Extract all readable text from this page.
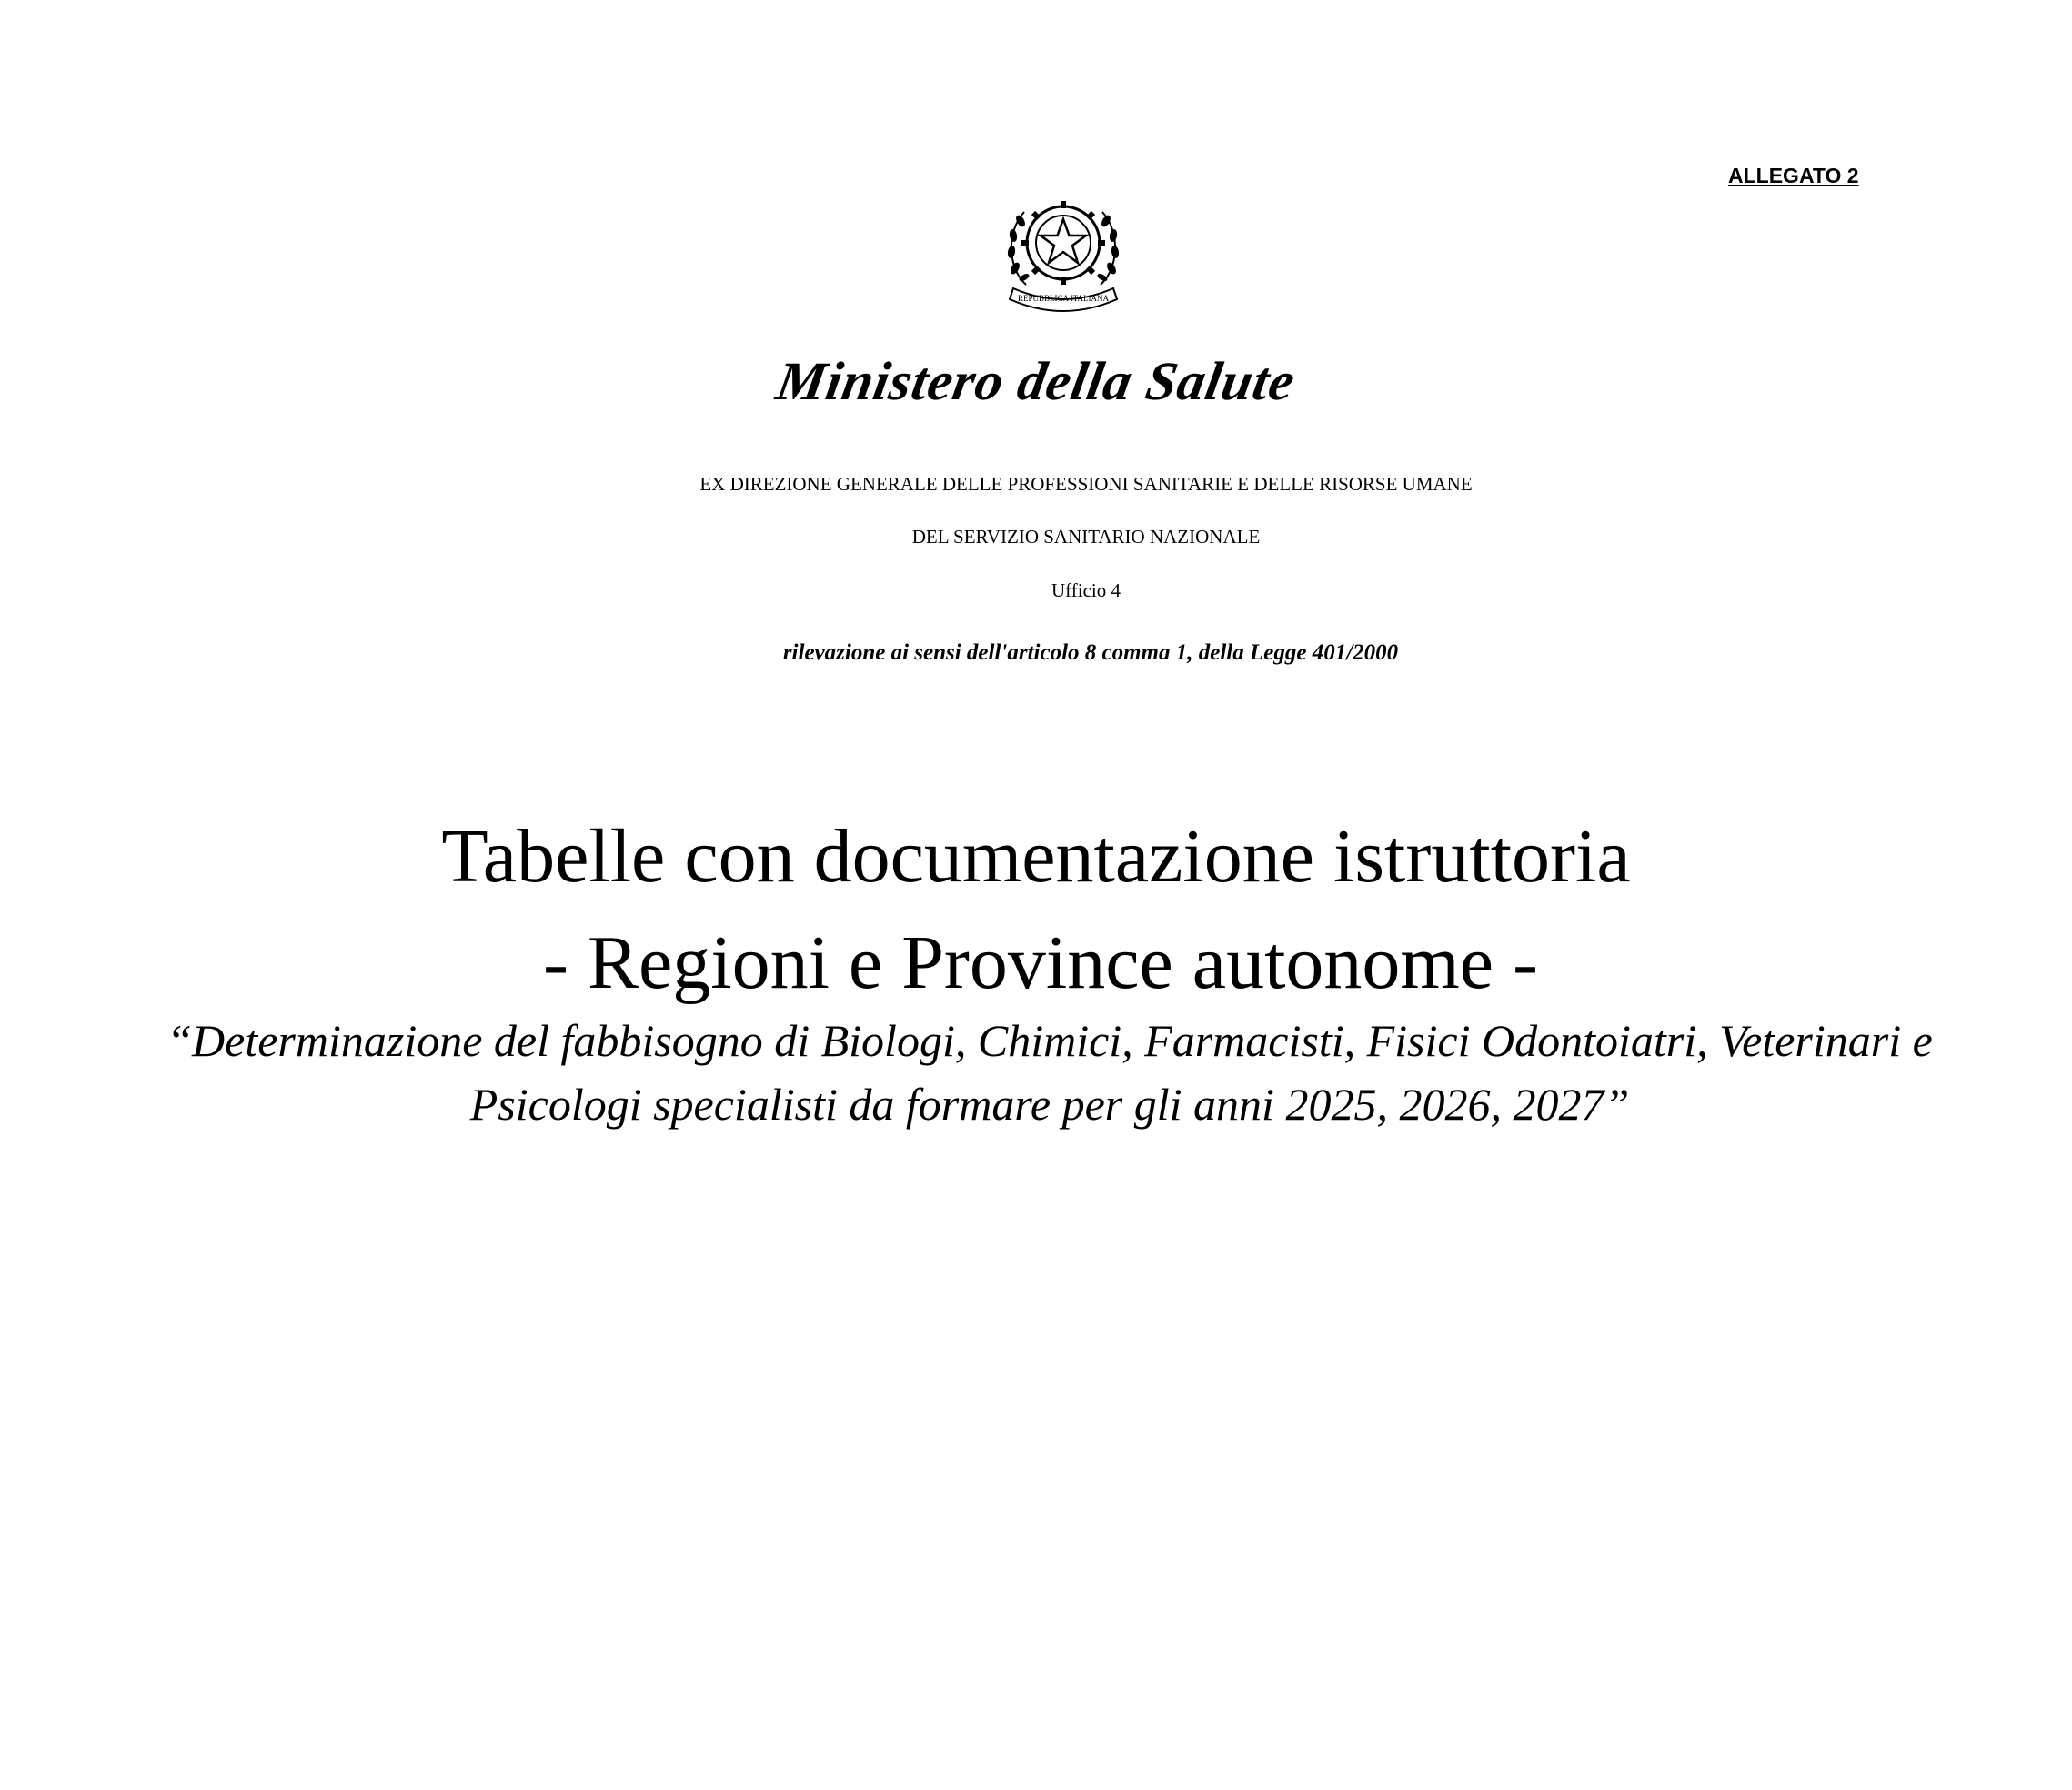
ALLEGATO 2
REPUBBLICA ITALIANA
Ministero della Salute
EX DIREZIONE GENERALE DELLE PROFESSIONI SANITARIE E DELLE RISORSE UMANE
DEL SERVIZIO SANITARIO NAZIONALE
Ufficio 4
rilevazione ai sensi dell'articolo 8 comma 1, della Legge 401/2000
Tabelle con documentazione istruttoria
- Regioni e Province autonome -
“Determinazione del fabbisogno di Biologi, Chimici, Farmacisti, Fisici Odontoiatri, Veterinari e
Psicologi specialisti da formare per gli anni 2025, 2026, 2027”
